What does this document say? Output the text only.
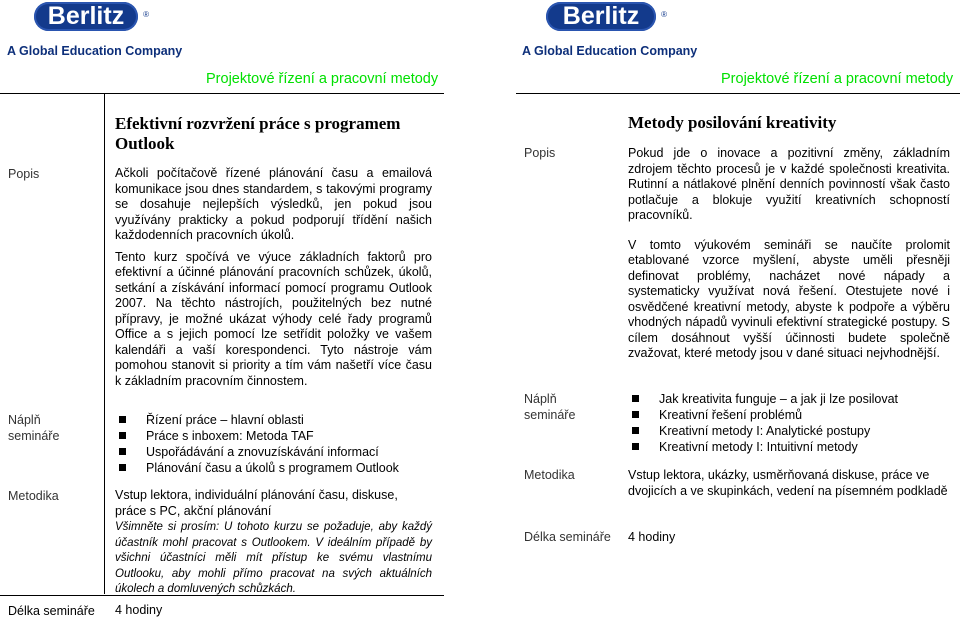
Berlitz ®
A Global Education Company
Projektové řízení a pracovní metody
Efektivní rozvržení práce s programem Outlook
Popis	Ačkoli počítačově řízené plánování času a emailová komunikace jsou dnes standardem, s takovými programy se dosahuje nejlepších výsledků, jen pokud jsou využívány prakticky a pokud podporují třídění našich každodenních pracovních úkolů.

Tento kurz spočívá ve výuce základních faktorů pro efektivní a účinné plánování pracovních schůzek, úkolů, setkání a získávání informací pomocí programu Outlook 2007. Na těchto nástrojích, použitelných bez nutné přípravy, je možné ukázat výhody celé řady programů Office a s jejich pomocí lze setřídit položky ve vašem kalendáři a vaší korespondenci. Tyto nástroje vám pomohou stanovit si priority a tím vám našetří více času k základním pracovním činnostem.

Náplň semináře
Řízení práce – hlavní oblasti
Práce s inboxem: Metoda TAF
Uspořádávání a znovuzískávání informací
Plánování času a úkolů s programem Outlook
Metodika	Vstup lektora, individuální plánování času, diskuse, práce s PC, akční plánování
Všimněte si prosím: U tohoto kurzu se požaduje, aby každý účastník mohl pracovat s Outlookem. V ideálním případě by všichni účastníci měli mít přístup ke svému vlastnímu Outlooku, aby mohli přímo pracovat na svých aktuálních úkolech a domluvených schůzkách.
Délka semináře 4 hodiny
Berlitz	®
A Global Education Company
Projektové řízení a pracovní metody
Metody posilování kreativity
Popis	Pokud jde o inovace a pozitivní změny, základním zdrojem těchto procesů je v každé společnosti kreativita. Rutinní a nátlakové plnění denních povinností však často potlačuje a blokuje využití kreativních schopností pracovníků.

V tomto výukovém semináři se naučíte prolomit etablované vzorce myšlení, abyste uměli přesněji definovat problémy, nacházet nové nápady a systematicky využívat nová řešení. Otestujete nové i osvědčené kreativní metody, abyste k podpoře a výběru vhodných nápadů vyvinuli efektivní strategické postupy. S cílem dosáhnout vyšší účinnosti budete společně zvažovat, které metody jsou v dané situaci nejvhodnější.

Náplň semináře
Jak kreativita funguje – a jak ji lze posilovat
Kreativní řešení problémů
Kreativní metody I: Analytické postupy
Kreativní metody I: Intuitivní metody
Metodika	Vstup lektora, ukázky, usměrňovaná diskuse, práce ve dvojicích a ve skupinkách, vedení na písemném podkladě
Délka semináře 4 hodiny
